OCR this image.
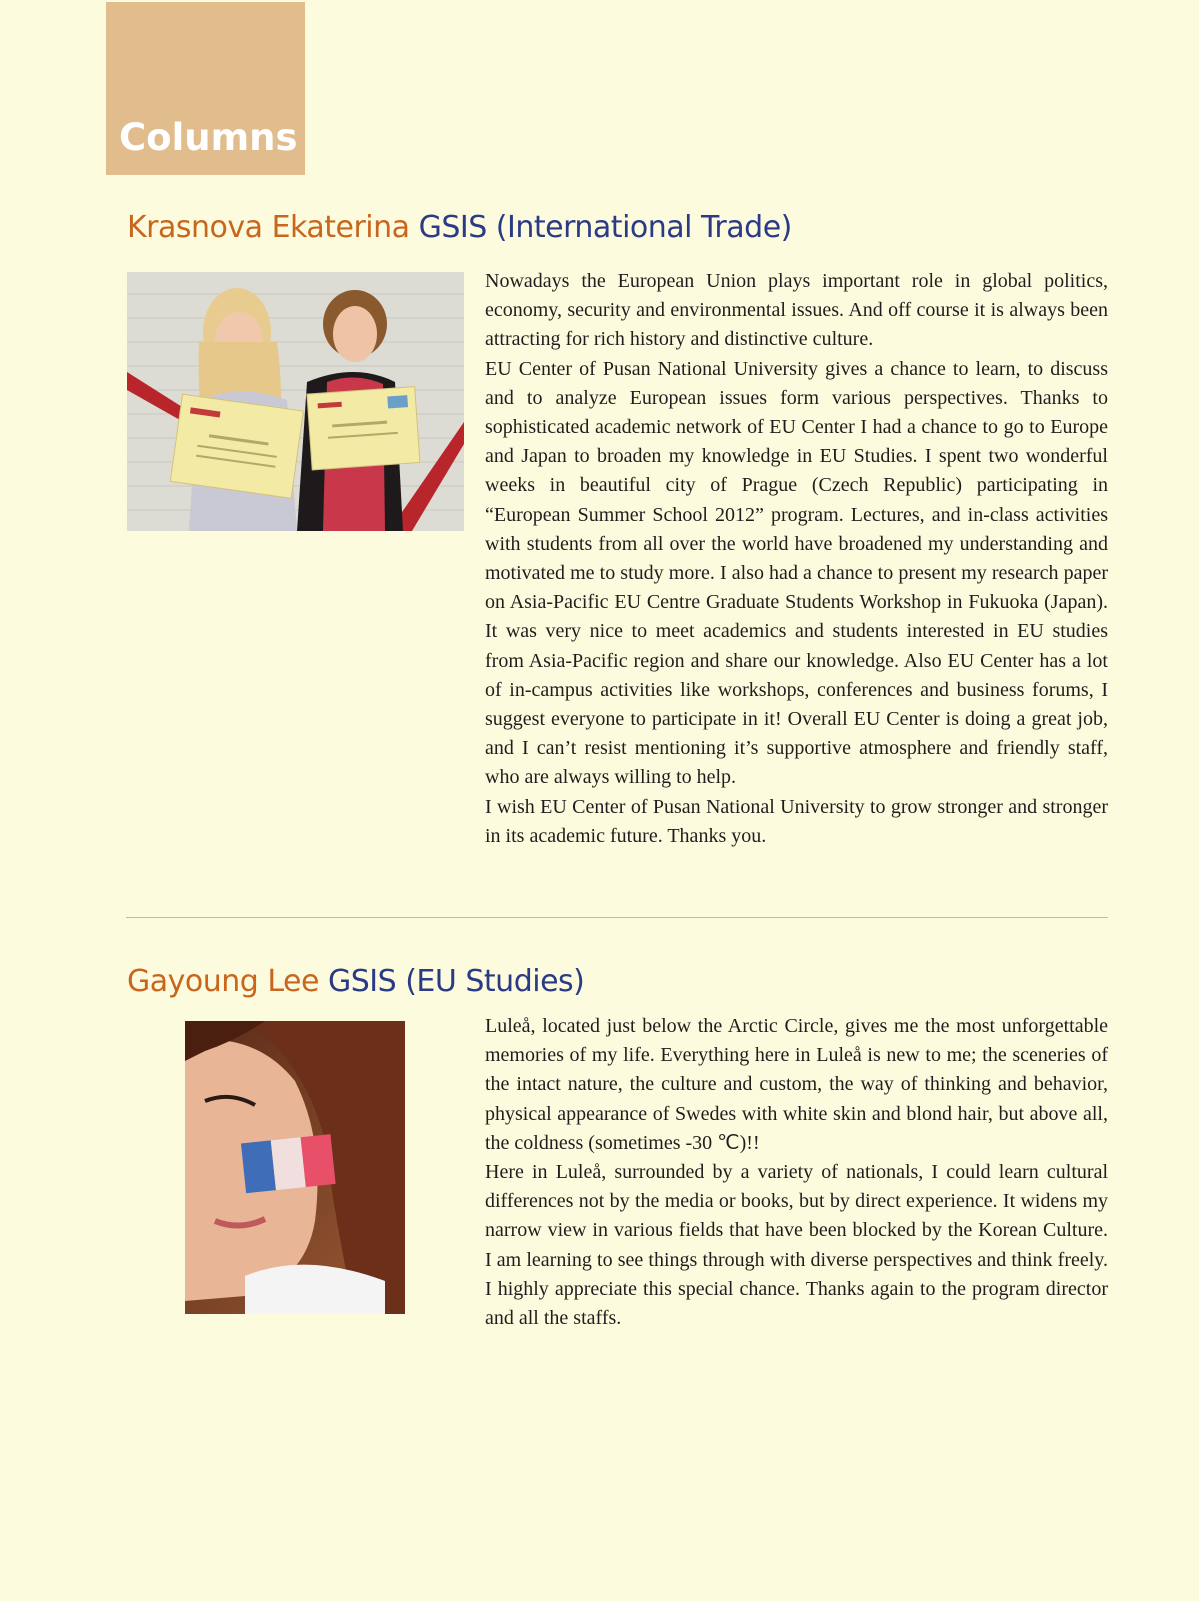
Columns
Krasnova Ekaterina GSIS (International Trade)

Nowadays the European Union plays important role in global politics, economy, security and environmental issues. And off course it is always been attracting for rich history and distinctive culture.

EU Center of Pusan National University gives a chance to learn, to discuss and to analyze European issues form various perspectives. Thanks to sophisticated academic network of EU Center I had a chance to go to Europe and Japan to broaden my knowledge in EU Studies. I spent two wonderful weeks in beautiful city of Prague (Czech Republic) participating in “European Summer School 2012” program. Lectures, and in-class activities with students from all over the world have broadened my understanding and motivated me to study more. I also had a chance to present my research paper on Asia-Pacific EU Centre Graduate Students Workshop in Fukuoka (Japan). It was very nice to meet academics and students interested in EU studies from Asia-Pacific region and share our knowledge. Also EU Center has a lot of in-campus activities like workshops, conferences and business forums, I suggest everyone to participate in it! Overall EU Center is doing a great job, and I can’t resist mentioning it’s supportive atmosphere and friendly staff, who are always willing to help.

I wish EU Center of Pusan National University to grow stronger and stronger in its academic future. Thanks you.

Gayoung Lee GSIS (EU Studies)

Luleå, located just below the Arctic Circle, gives me the most unforgettable memories of my life. Everything here in Luleå is new to me; the sceneries of the intact nature, the culture and custom, the way of thinking and behavior, physical appearance of Swedes with white skin and blond hair, but above all, the coldness (sometimes -30 ℃)!!

Here in Luleå, surrounded by a variety of nationals, I could learn cultural differences not by the media or books, but by direct experience. It widens my narrow view in various fields that have been blocked by the Korean Culture. I am learning to see things through with diverse perspectives and think freely. I highly appreciate this special chance. Thanks again to the program director and all the staffs.
